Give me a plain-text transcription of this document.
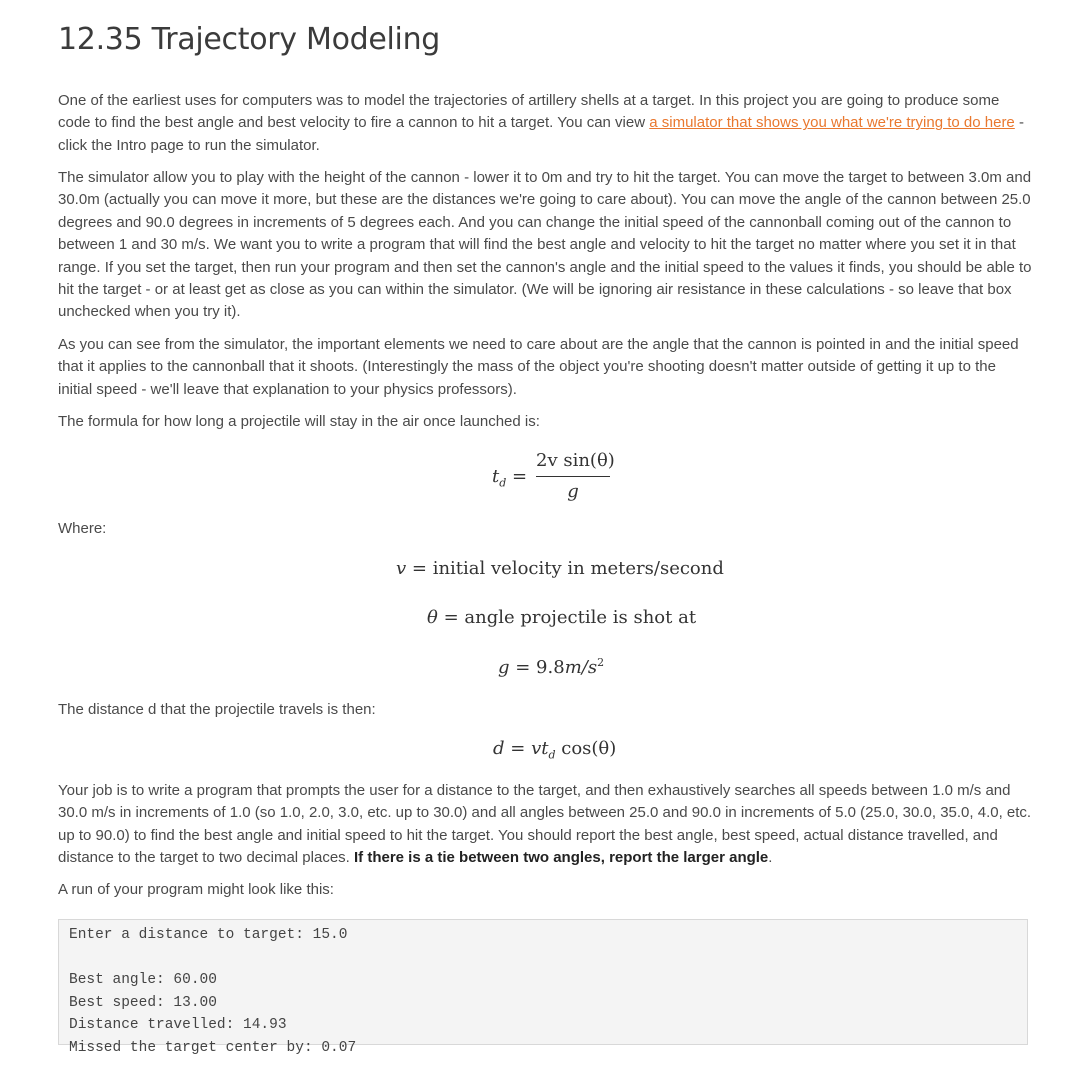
12.35 Trajectory Modeling

One of the earliest uses for computers was to model the trajectories of artillery shells at a target. In this project you are going to produce some code to find the best angle and best velocity to fire a cannon to hit a target. You can view a simulator that shows you what we're trying to do here - click the Intro page to run the simulator.

The simulator allow you to play with the height of the cannon - lower it to 0m and try to hit the target. You can move the target to between 3.0m and 30.0m (actually you can move it more, but these are the distances we're going to care about). You can move the angle of the cannon between 25.0 degrees and 90.0 degrees in increments of 5 degrees each. And you can change the initial speed of the cannonball coming out of the cannon to between 1 and 30 m/s. We want you to write a program that will find the best angle and velocity to hit the target no matter where you set it in that range. If you set the target, then run your program and then set the cannon's angle and the initial speed to the values it finds, you should be able to hit the target - or at least get as close as you can within the simulator. (We will be ignoring air resistance in these calculations - so leave that box unchecked when you try it).

As you can see from the simulator, the important elements we need to care about are the angle that the cannon is pointed in and the initial speed that it applies to the cannonball that it shoots. (Interestingly the mass of the object you're shooting doesn't matter outside of getting it up to the initial speed - we'll leave that explanation to your physics professors).

The formula for how long a projectile will stay in the air once launched is:

$t_d$ =
2v sin(θ)
g

Where:

v = initial velocity in meters/second
θ = angle projectile is shot at
$g = 9.8m/s^2$

The distance d that the projectile travels is then:

$d = vt_d$ cos(θ)

Your job is to write a program that prompts the user for a distance to the target, and then exhaustively searches all speeds between 1.0 m/s and 30.0 m/s in increments of 1.0 (so 1.0, 2.0, 3.0, etc. up to 30.0) and all angles between 25.0 and 90.0 in increments of 5.0 (25.0, 30.0, 35.0, 4.0, etc. up to 90.0) to find the best angle and initial speed to hit the target. You should report the best angle, best speed, actual distance travelled, and distance to the target to two decimal places. If there is a tie between two angles, report the larger angle.

A run of your program might look like this:

Enter a distance to target: 15.0

Best angle: 60.00
Best speed: 13.00
Distance travelled: 14.93
Missed the target center by: 0.07
